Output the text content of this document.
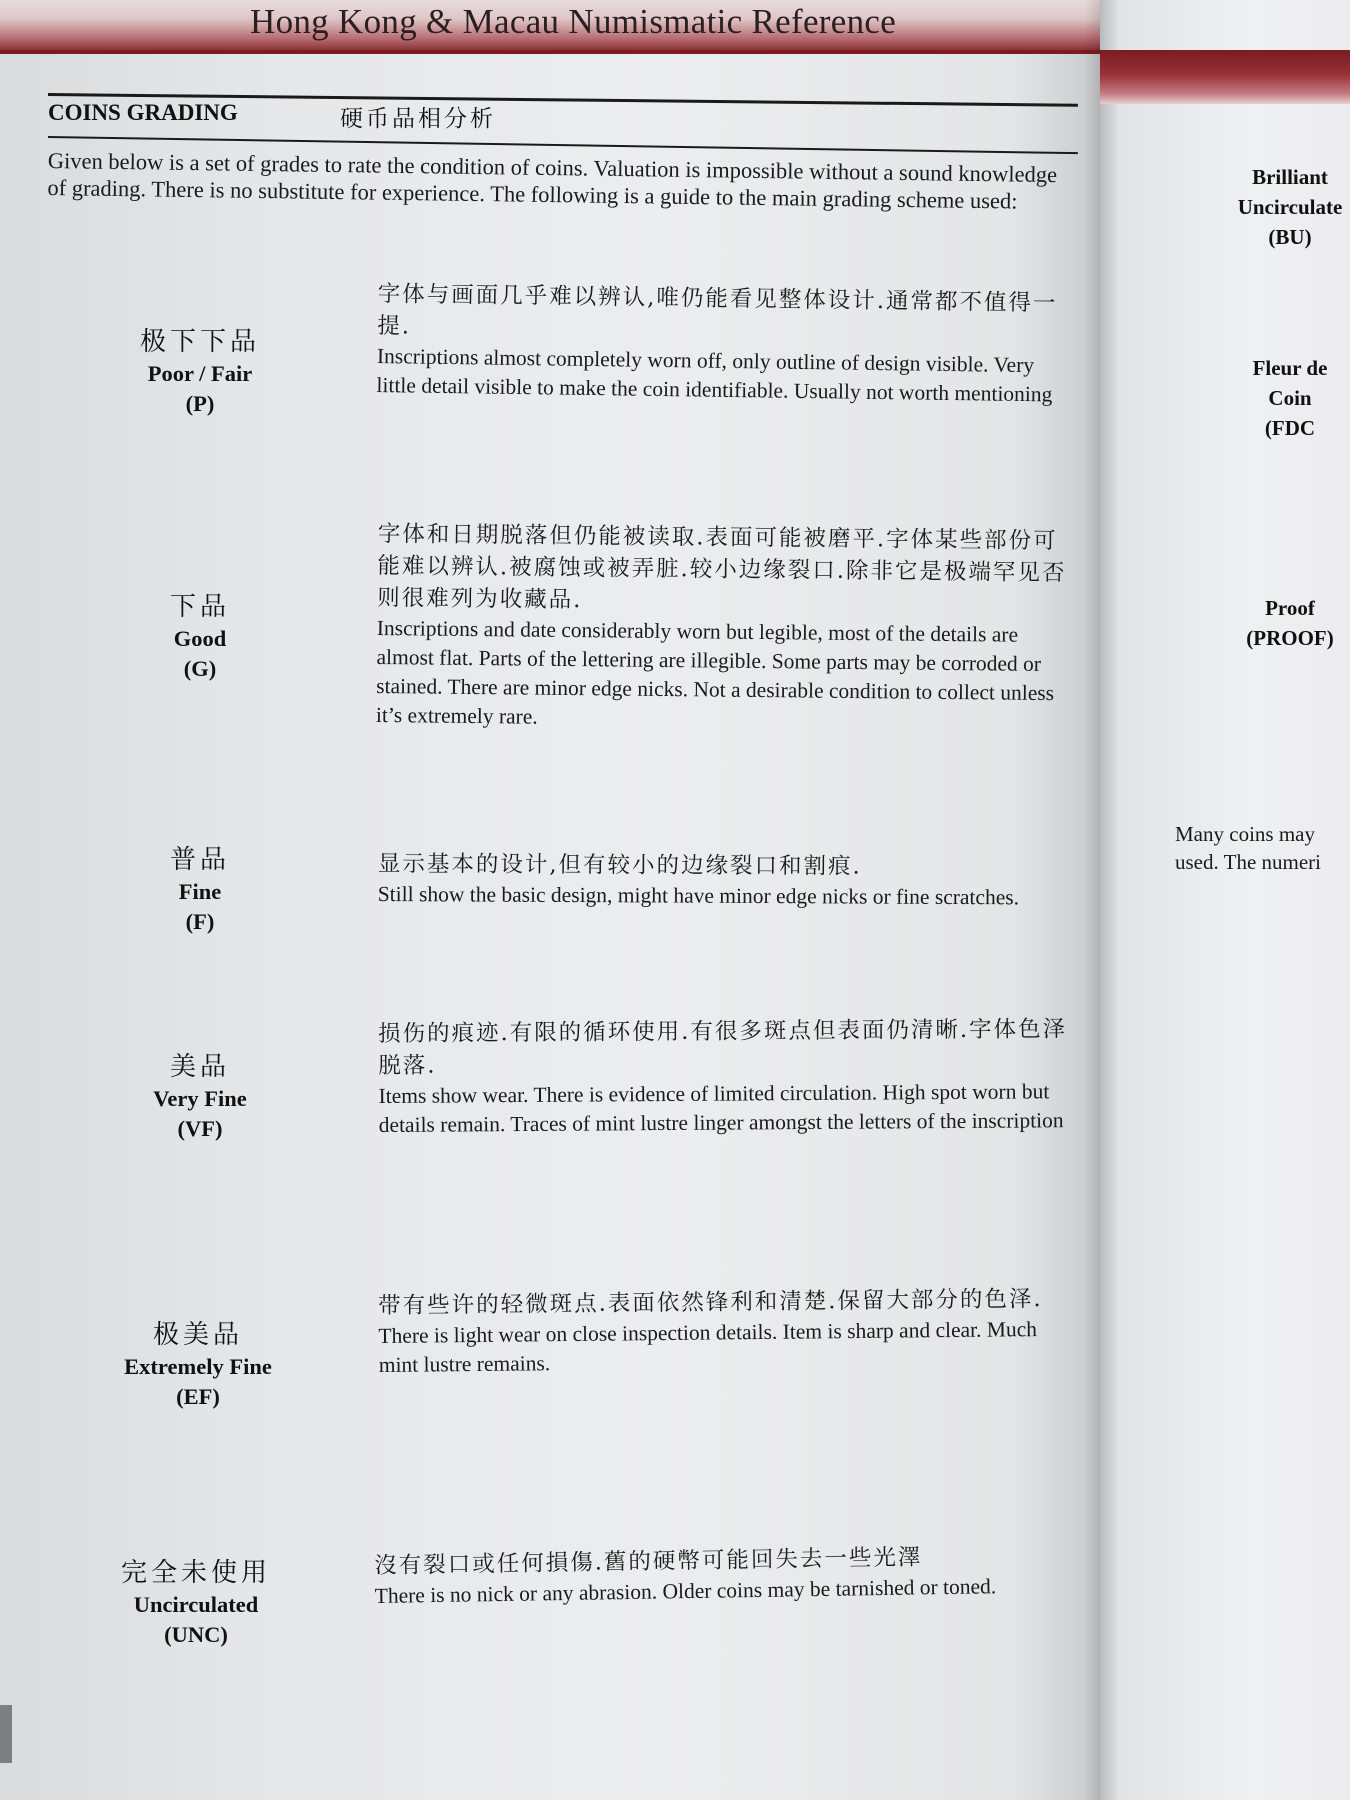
Hong Kong & Macau Numismatic Reference
COINS GRADING	硬币品相分析
Given below is a set of grades to rate the condition of coins. Valuation is impossible without a sound knowledge of grading. There is no substitute for experience. The following is a guide to the main grading scheme used:
极下下品
Poor / Fair
(P)
字体与画面几乎难以辨认,唯仍能看见整体设计.通常都不值得一提.
Inscriptions almost completely worn off, only outline of design visible. Very little detail visible to make the coin identifiable. Usually not worth mentioning
下品
Good
(G)
字体和日期脱落但仍能被读取.表面可能被磨平.字体某些部份可能难以辨认.被腐蚀或被弄脏.较小边缘裂口.除非它是极端罕见否则很难列为收藏品.
Inscriptions and date considerably worn but legible, most of the details are almost flat. Parts of the lettering are illegible. Some parts may be corroded or stained. There are minor edge nicks. Not a desirable condition to collect unless it’s extremely rare.
普品
Fine
(F)
显示基本的设计,但有较小的边缘裂口和割痕.
Still show the basic design, might have minor edge nicks or fine scratches.
美品
Very Fine
(VF)
损伤的痕迹.有限的循环使用.有很多斑点但表面仍清晰.字体色泽脱落.
Items show wear. There is evidence of limited circulation. High spot worn but details remain. Traces of mint lustre linger amongst the letters of the inscription
极美品
Extremely Fine
(EF)
带有些许的轻微斑点.表面依然锋利和清楚.保留大部分的色泽.
There is light wear on close inspection details. Item is sharp and clear. Much mint lustre remains.
完全未使用
Uncirculated
(UNC)
沒有裂口或任何損傷.舊的硬幣可能回失去一些光澤
There is no nick or any abrasion. Older coins may be tarnished or toned.
Brilliant
Uncirculate
(BU)
Fleur de
Coin
(FDC
Proof
(PROOF)
Many coins may
used. The numeri
